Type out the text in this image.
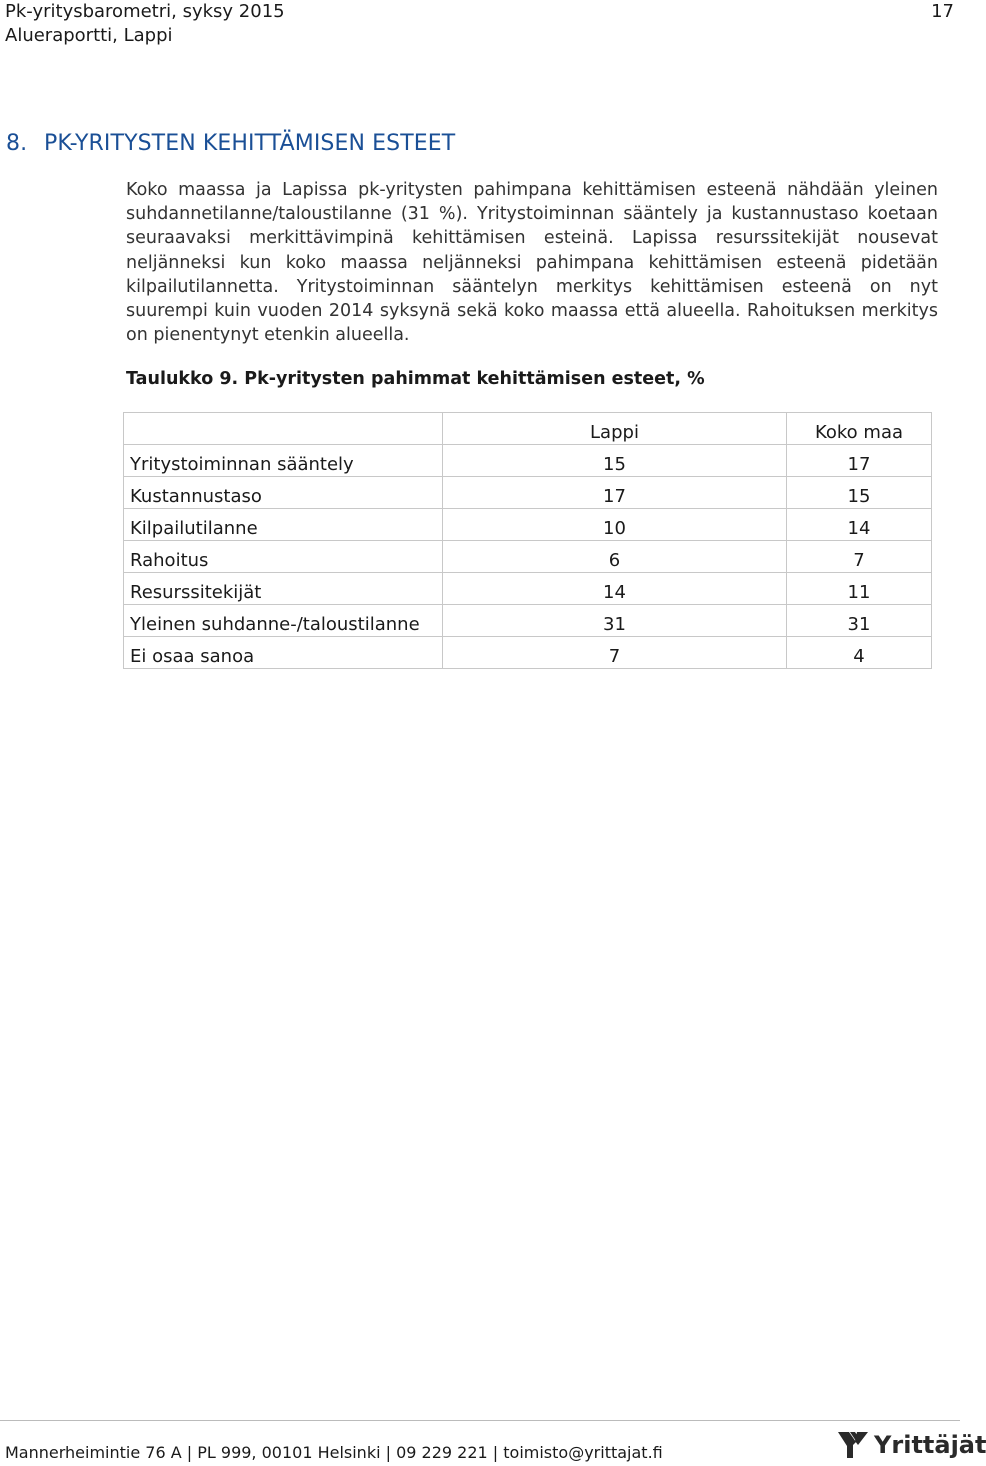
Pk-yritysbarometri, syksy 2015
Alueraportti, Lappi
17
8. PK-YRITYSTEN KEHITTÄMISEN ESTEET

Koko maassa ja Lapissa pk-yritysten pahimpana kehittämisen esteenä nähdään yleinen suhdannetilanne/taloustilanne (31 %). Yritystoiminnan sääntely ja kustannustaso koetaan seuraavaksi merkittävimpinä kehittämisen esteinä. Lapissa resurssitekijät nousevat neljänneksi kun koko maassa neljänneksi pahimpana kehittämisen esteenä pidetään kilpailutilannetta. Yritystoiminnan sääntelyn merkitys kehittämisen esteenä on nyt suurempi kuin vuoden 2014 syksynä sekä koko maassa että alueella. Rahoituksen merkitys on pienentynyt etenkin alueella.

Taulukko 9. Pk-yritysten pahimmat kehittämisen esteet, %
	Lappi	Koko maa
Yritystoiminnan sääntely	15	17
Kustannustaso	17	15
Kilpailutilanne	10	14
Rahoitus	6	7
Resurssitekijät	14	11
Yleinen suhdanne-/taloustilanne	31	31
Ei osaa sanoa	7	4
Mannerheimintie 76 A | PL 999, 00101 Helsinki | 09 229 221 | toimisto@yrittajat.fi	Yrittäjät
